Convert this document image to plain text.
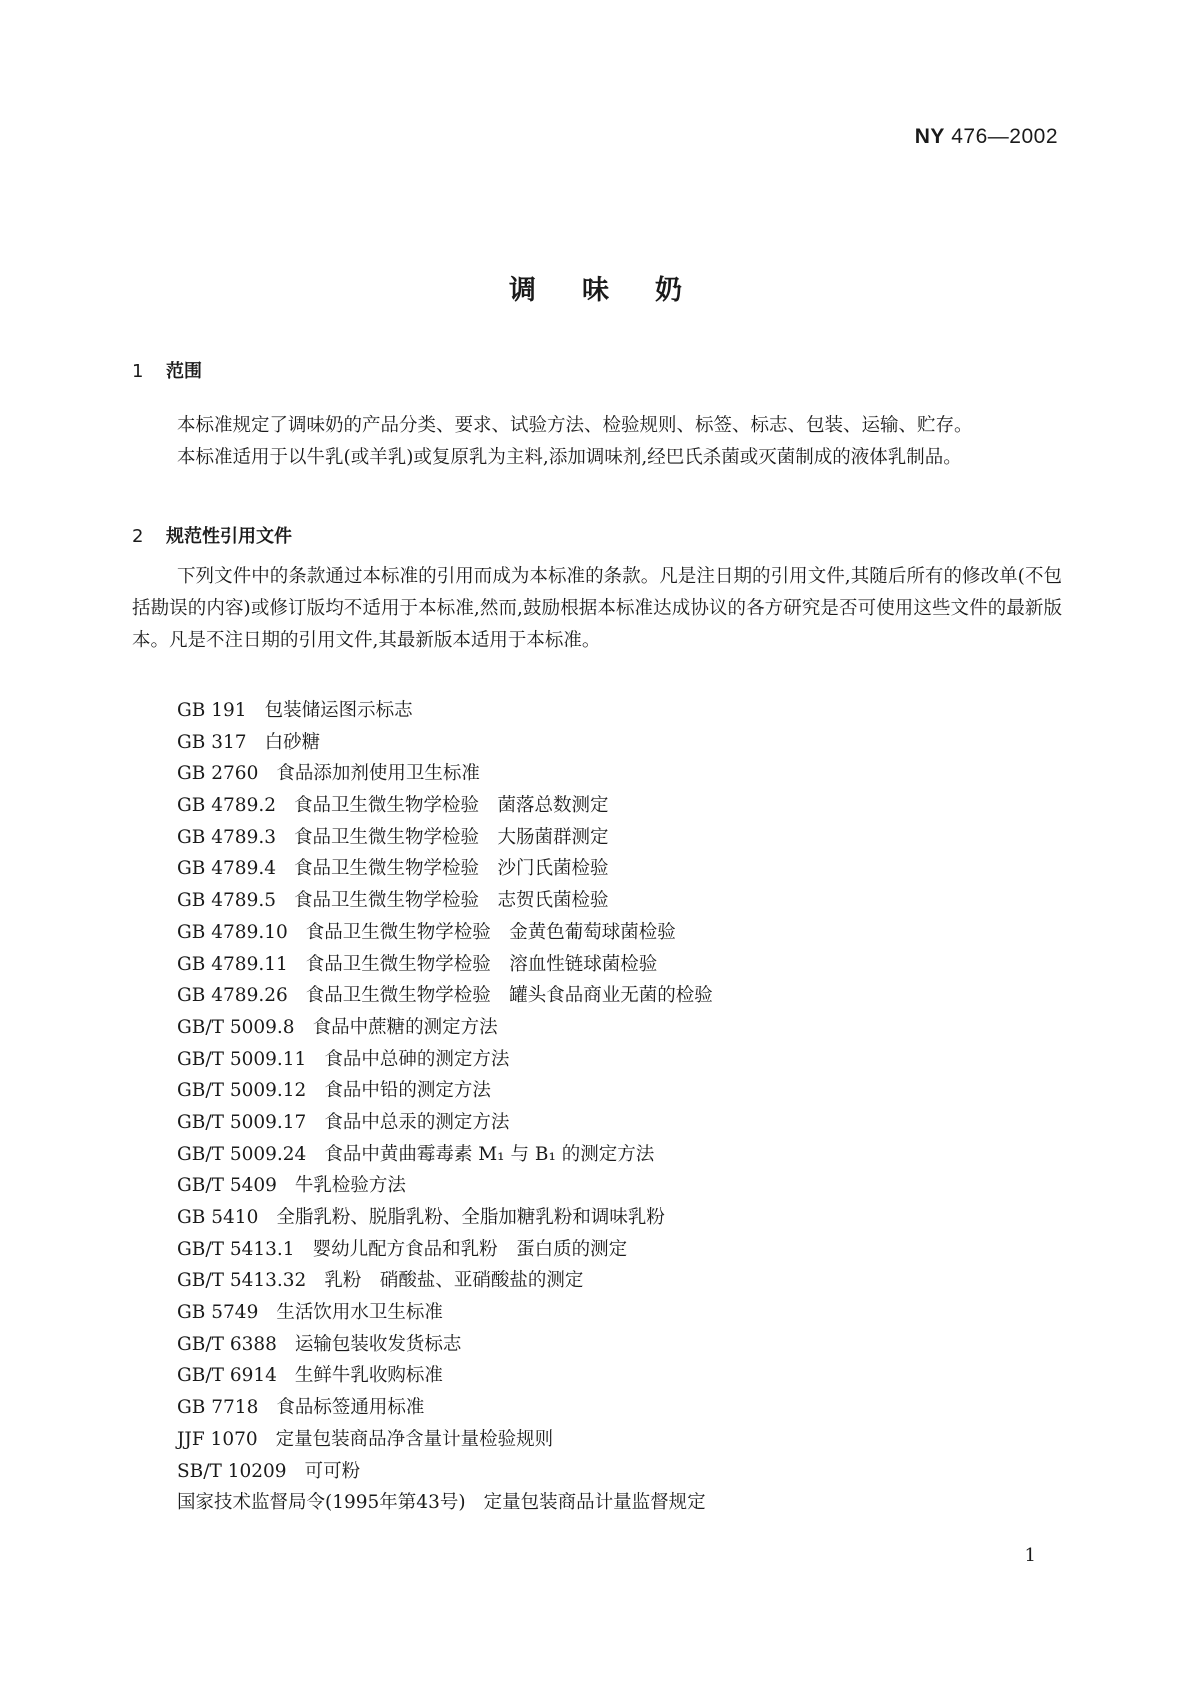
NY 476—2002
调味奶
1 范围

本标准规定了调味奶的产品分类、要求、试验方法、检验规则、标签、标志、包装、运输、贮存。

本标准适用于以牛乳(或羊乳)或复原乳为主料,添加调味剂,经巴氏杀菌或灭菌制成的液体乳制品。

2 规范性引用文件

下列文件中的条款通过本标准的引用而成为本标准的条款。凡是注日期的引用文件,其随后所有的修改单(不包括勘误的内容)或修订版均不适用于本标准,然而,鼓励根据本标准达成协议的各方研究是否可使用这些文件的最新版本。凡是不注日期的引用文件,其最新版本适用于本标准。

GB 191 包装储运图示标志
GB 317 白砂糖
GB 2760 食品添加剂使用卫生标准
GB 4789.2 食品卫生微生物学检验　菌落总数测定
GB 4789.3 食品卫生微生物学检验　大肠菌群测定
GB 4789.4 食品卫生微生物学检验　沙门氏菌检验
GB 4789.5 食品卫生微生物学检验　志贺氏菌检验
GB 4789.10 食品卫生微生物学检验　金黄色葡萄球菌检验
GB 4789.11 食品卫生微生物学检验　溶血性链球菌检验
GB 4789.26 食品卫生微生物学检验　罐头食品商业无菌的检验
GB/T 5009.8 食品中蔗糖的测定方法
GB/T 5009.11 食品中总砷的测定方法
GB/T 5009.12 食品中铅的测定方法
GB/T 5009.17 食品中总汞的测定方法
GB/T 5009.24 食品中黄曲霉毒素 M₁ 与 B₁ 的测定方法
GB/T 5409 牛乳检验方法
GB 5410 全脂乳粉、脱脂乳粉、全脂加糖乳粉和调味乳粉
GB/T 5413.1 婴幼儿配方食品和乳粉　蛋白质的测定
GB/T 5413.32 乳粉　硝酸盐、亚硝酸盐的测定
GB 5749 生活饮用水卫生标准
GB/T 6388 运输包装收发货标志
GB/T 6914 生鲜牛乳收购标准
GB 7718 食品标签通用标准
JJF 1070 定量包装商品净含量计量检验规则
SB/T 10209 可可粉
国家技术监督局令(1995年第43号) 定量包装商品计量监督规定
1
